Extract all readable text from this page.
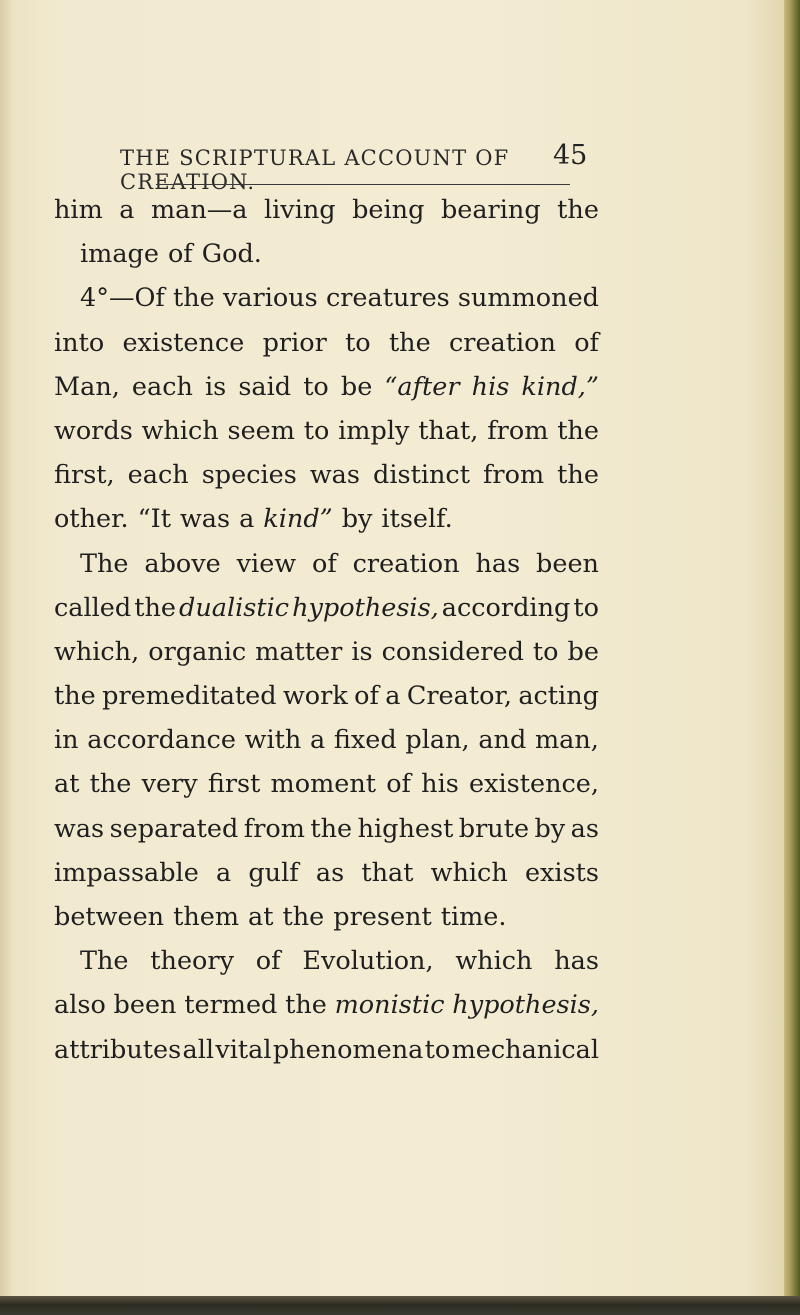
THE SCRIPTURAL ACCOUNT OF CREATION.
45
him a man—a living being bearing the
image of God.
4°—Of the various creatures summoned
into existence prior to the creation of
Man, each is said to be “after his kind,”
words which seem to imply that, from the
first, each species was distinct from the
other. “It was a kind” by itself.
The above view of creation has been
called the dualistic hypothesis, according to
which, organic matter is considered to be
the premeditated work of a Creator, acting
in accordance with a fixed plan, and man,
at the very first moment of his existence,
was separated from the highest brute by as
impassable a gulf as that which exists
between them at the present time.
The theory of Evolution, which has
also been termed the monistic hypothesis,
attributes all vital phenomena to mechanical
